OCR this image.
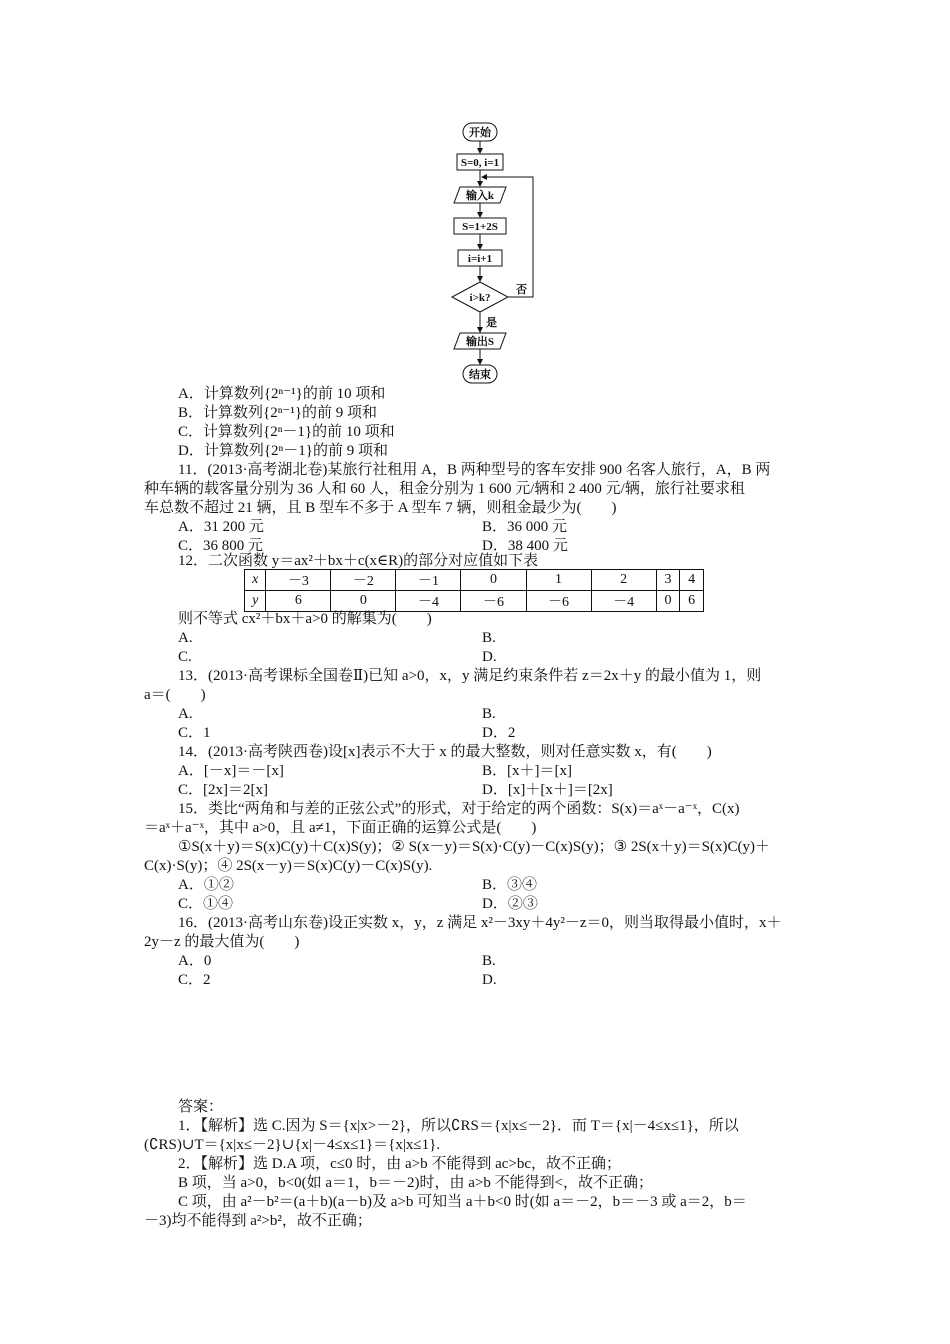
开始
S=0, i=1
输入k
S=1+2S
i=i+1
i>k?
否
是
输出S
结束
A．计算数列{2ⁿ⁻¹}的前 10 项和
B．计算数列{2ⁿ⁻¹}的前 9 项和
C．计算数列{2ⁿ－1}的前 10 项和
D．计算数列{2ⁿ－1}的前 9 项和
11．(2013·高考湖北卷)某旅行社租用 A，B 两种型号的客车安排 900 名客人旅行，A，B 两
种车辆的载客量分别为 36 人和 60 人，租金分别为 1 600 元/辆和 2 400 元/辆，旅行社要求租
车总数不超过 21 辆，且 B 型车不多于 A 型车 7 辆，则租金最少为(　　)
A．31 200 元	B．36 000 元
C．36 800 元	D．38 400 元
12．二次函数 y＝ax²＋bx＋c(x∈R)的部分对应值如下表
则不等式 cx²＋bx＋a>0 的解集为(　　)
A.	B.
C.	D.
13．(2013·高考课标全国卷Ⅱ)已知 a>0，x，y 满足约束条件若 z＝2x＋y 的最小值为 1，则
a＝(　　)
A.	B.
C．1	D．2
14．(2013·高考陕西卷)设[x]表示不大于 x 的最大整数，则对任意实数 x，有(　　)
A．[－x]＝－[x]	B．[x＋]＝[x]
C．[2x]＝2[x]	D．[x]＋[x＋]＝[2x]
15．类比“两角和与差的正弦公式”的形式，对于给定的两个函数：S(x)＝aˣ－a⁻ˣ，C(x)
＝aˣ＋a⁻ˣ，其中 a>0，且 a≠1，下面正确的运算公式是(　　)
①S(x＋y)＝S(x)C(y)＋C(x)S(y)；② S(x－y)＝S(x)·C(y)－C(x)S(y)；③ 2S(x＋y)＝S(x)C(y)＋
C(x)·S(y)；④ 2S(x－y)＝S(x)C(y)－C(x)S(y).
A．①②	B．③④
C．①④	D．②③
16．(2013·高考山东卷)设正实数 x，y，z 满足 x²－3xy＋4y²－z＝0，则当取得最小值时，x＋
2y－z 的最大值为(　　)
A．0	B.
C．2	D.
答案：
1．【解析】选 C.因为 S＝{x|x>－2}，所以∁RS＝{x|x≤－2}．而 T＝{x|－4≤x≤1}，所以
(∁RS)∪T＝{x|x≤－2}∪{x|－4≤x≤1}＝{x|x≤1}.
2．【解析】选 D.A 项，c≤0 时，由 a>b 不能得到 ac>bc，故不正确；
B 项，当 a>0，b<0(如 a＝1，b＝－2)时，由 a>b 不能得到<，故不正确；
C 项，由 a²－b²＝(a＋b)(a－b)及 a>b 可知当 a＋b<0 时(如 a＝－2，b＝－3 或 a＝2，b＝
－3)均不能得到 a²>b²，故不正确；
x	－3	－2	－1	0	1	2	3	4
y	6	0	－4	－6	－6	－4	0	6
